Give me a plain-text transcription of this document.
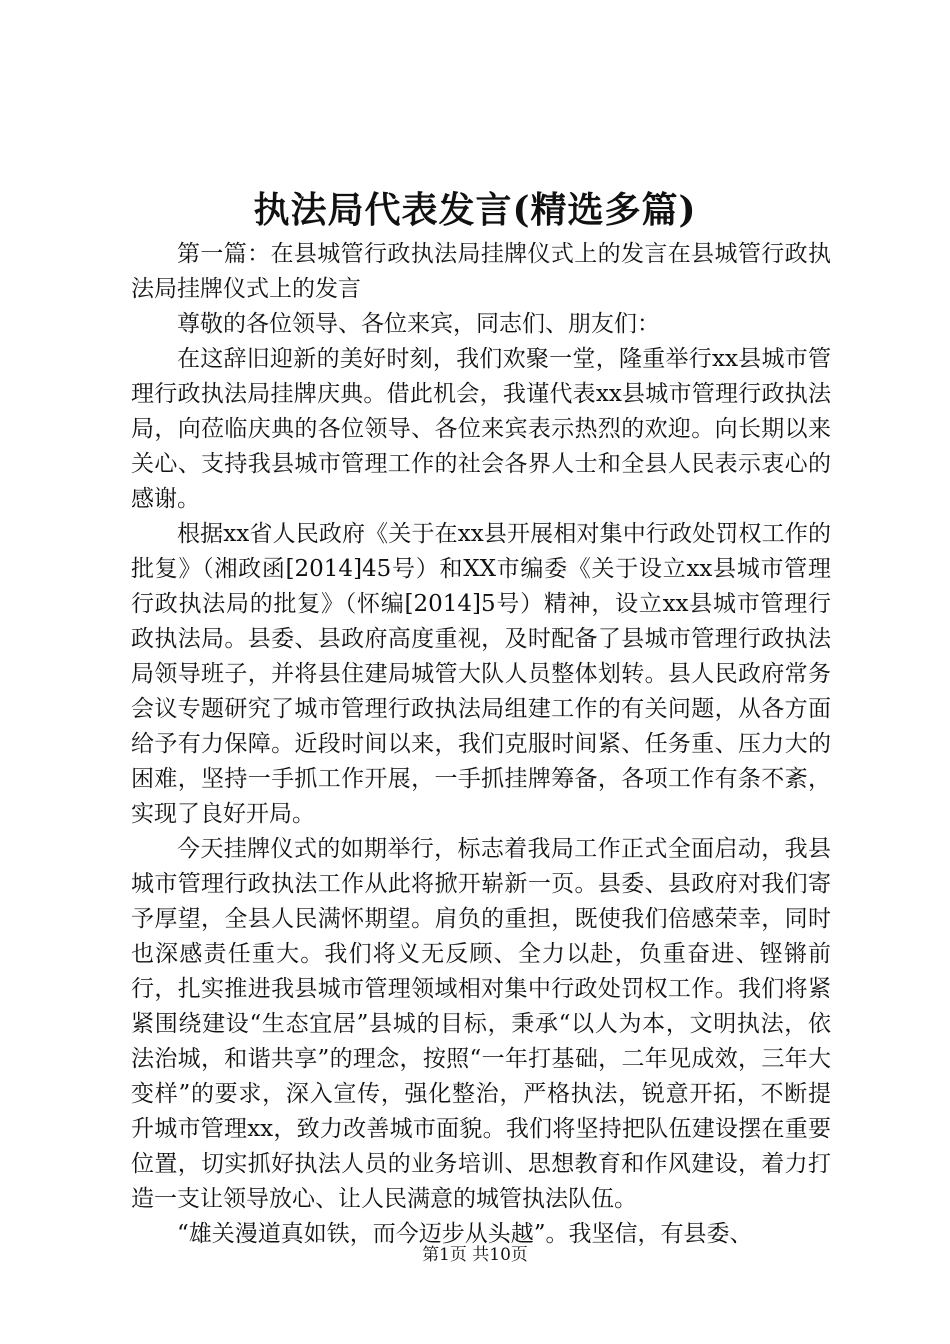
执法局代表发言(精选多篇)

第一篇：在县城管行政执法局挂牌仪式上的发言在县城管行政执法局挂牌仪式上的发言

尊敬的各位领导、各位来宾，同志们、朋友们：

在这辞旧迎新的美好时刻，我们欢聚一堂，隆重举行xx县城市管理行政执法局挂牌庆典。借此机会，我谨代表xx县城市管理行政执法局，向莅临庆典的各位领导、各位来宾表示热烈的欢迎。向长期以来关心、支持我县城市管理工作的社会各界人士和全县人民表示衷心的感谢。

根据xx省人民政府《关于在xx县开展相对集中行政处罚权工作的批复》（湘政函[2014]45号）和XX市编委《关于设立xx县城市管理行政执法局的批复》（怀编[2014]5号）精神，设立xx县城市管理行政执法局。县委、县政府高度重视，及时配备了县城市管理行政执法局领导班子，并将县住建局城管大队人员整体划转。县人民政府常务会议专题研究了城市管理行政执法局组建工作的有关问题，从各方面给予有力保障。近段时间以来，我们克服时间紧、任务重、压力大的困难，坚持一手抓工作开展，一手抓挂牌筹备，各项工作有条不紊，实现了良好开局。

今天挂牌仪式的如期举行，标志着我局工作正式全面启动，我县城市管理行政执法工作从此将掀开崭新一页。县委、县政府对我们寄予厚望，全县人民满怀期望。肩负的重担，既使我们倍感荣幸，同时也深感责任重大。我们将义无反顾、全力以赴，负重奋进、铿锵前行，扎实推进我县城市管理领域相对集中行政处罚权工作。我们将紧紧围绕建设“生态宜居”县城的目标，秉承“以人为本，文明执法，依法治城，和谐共享”的理念，按照“一年打基础，二年见成效，三年大变样”的要求，深入宣传，强化整治，严格执法，锐意开拓，不断提升城市管理xx，致力改善城市面貌。我们将坚持把队伍建设摆在重要位置，切实抓好执法人员的业务培训、思想教育和作风建设，着力打造一支让领导放心、让人民满意的城管执法队伍。

“雄关漫道真如铁，而今迈步从头越”。我坚信，有县委、

第1页 共10页
